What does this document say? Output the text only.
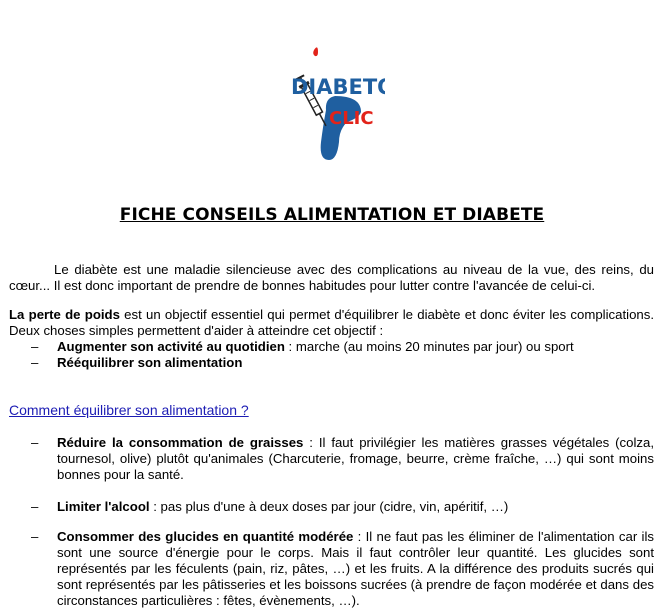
DIABETO
CLIC
FICHE CONSEILS ALIMENTATION ET DIABETE
Le diabète est une maladie silencieuse avec des complications au niveau de la vue, des reins, du cœur... Il est donc important de prendre de bonnes habitudes pour lutter contre l'avancée de celui-ci.
La perte de poids est un objectif essentiel qui permet d'équilibrer le diabète et donc éviter les complications. Deux choses simples permettent d'aider à atteindre cet objectif :
– Augmenter son activité au quotidien : marche (au moins 20 minutes par jour) ou sport
– Rééquilibrer son alimentation
Comment équilibrer son alimentation ?
– Réduire la consommation de graisses : Il faut privilégier les matières grasses végétales (colza, tournesol, olive) plutôt qu'animales (Charcuterie, fromage, beurre, crème fraîche, …) qui sont moins bonnes pour la santé.
– Limiter l'alcool : pas plus d'une à deux doses par jour (cidre, vin, apéritif, …)
– Consommer des glucides en quantité modérée : Il ne faut pas les éliminer de l'alimentation car ils sont une source d'énergie pour le corps. Mais il faut contrôler leur quantité. Les glucides sont représentés par les féculents (pain, riz, pâtes, …) et les fruits. A la différence des produits sucrés qui sont représentés par les pâtisseries et les boissons sucrées (à prendre de façon modérée et dans des circonstances particulières : fêtes, évènements, …).
